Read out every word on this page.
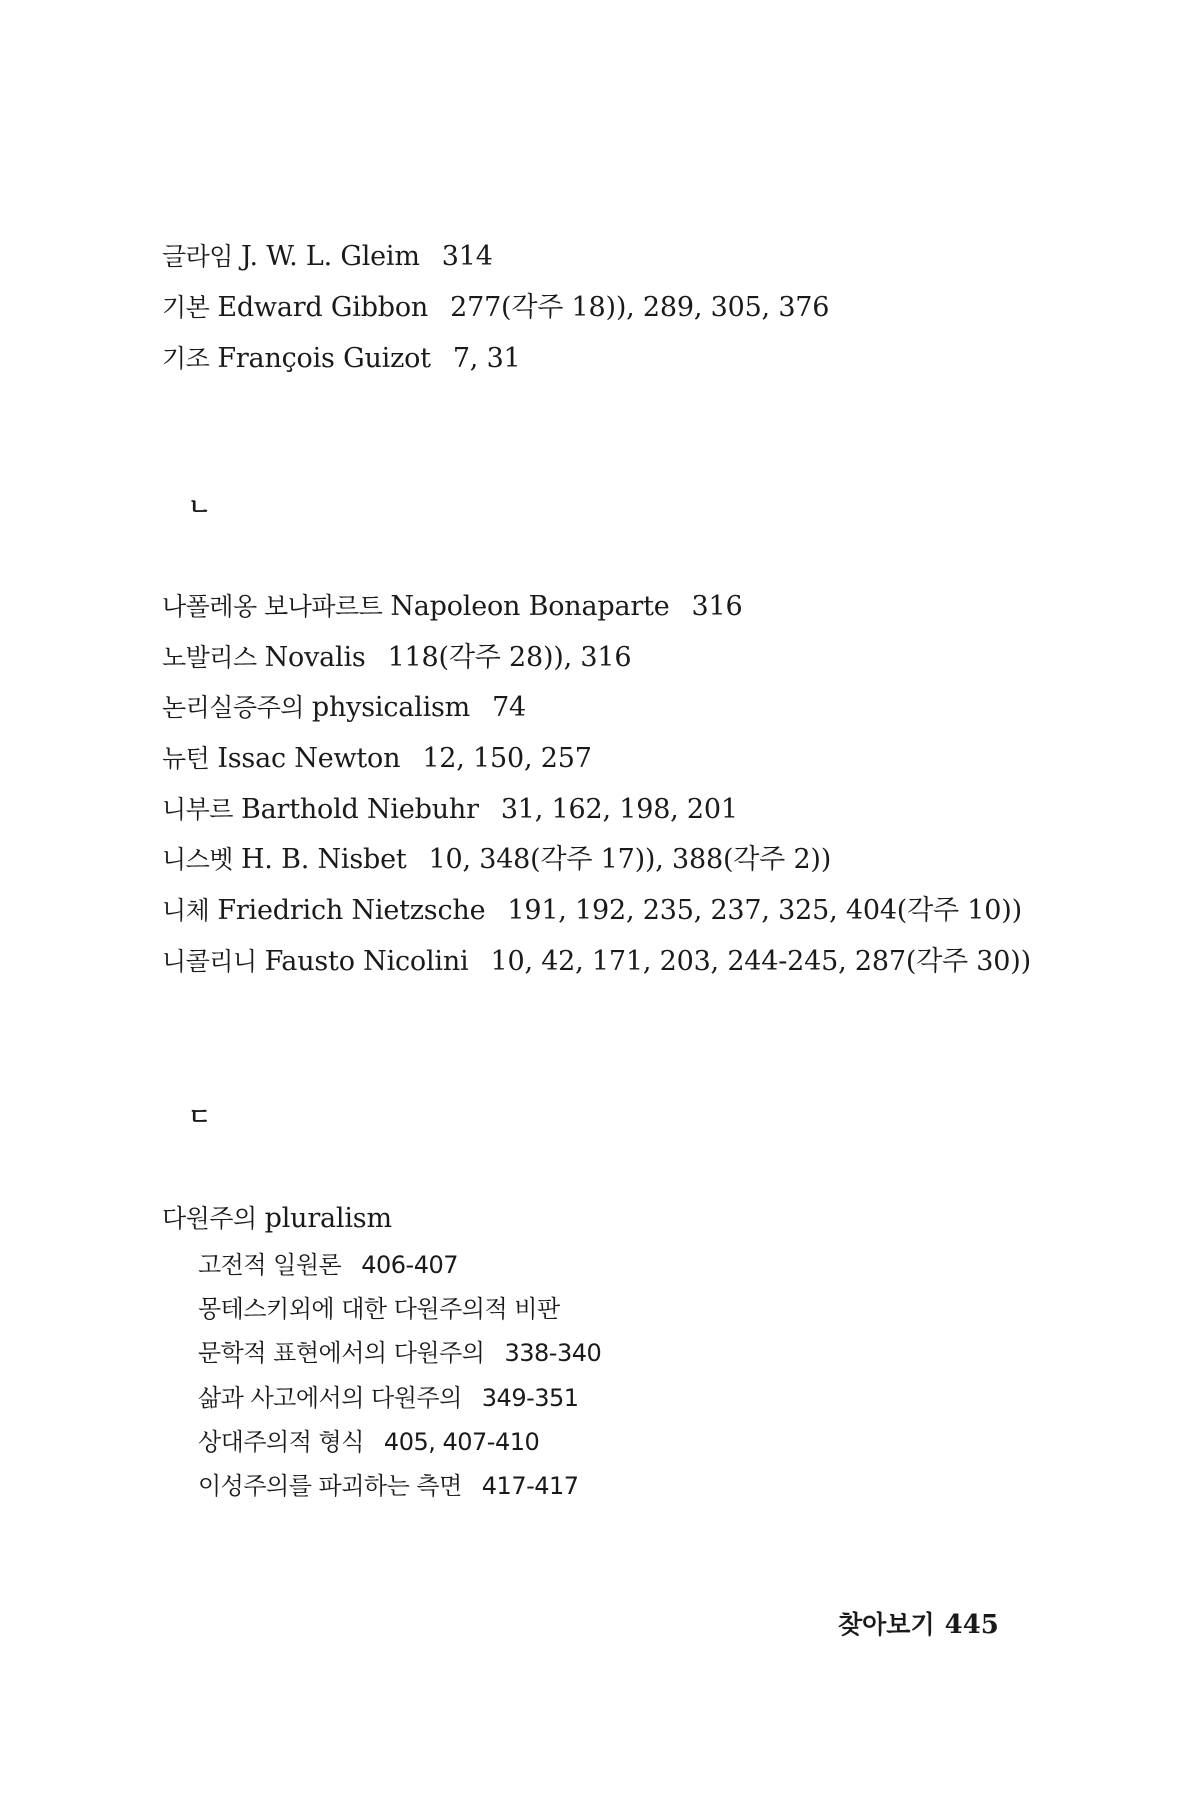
글라임 J. W. L. Gleim 314
기본 Edward Gibbon 277(각주 18)), 289, 305, 376
기조 François Guizot 7, 31
ㄴ
나폴레옹 보나파르트 Napoleon Bonaparte 316
노발리스 Novalis 118(각주 28)), 316
논리실증주의 physicalism 74
뉴턴 Issac Newton 12, 150, 257
니부르 Barthold Niebuhr 31, 162, 198, 201
니스벳 H. B. Nisbet 10, 348(각주 17)), 388(각주 2))
니체 Friedrich Nietzsche 191, 192, 235, 237, 325, 404(각주 10))
니콜리니 Fausto Nicolini 10, 42, 171, 203, 244-245, 287(각주 30))
ㄷ
다원주의 pluralism
고전적 일원론 406-407
몽테스키외에 대한 다원주의적 비판
문학적 표현에서의 다원주의 338-340
삶과 사고에서의 다원주의 349-351
상대주의적 형식 405, 407-410
이성주의를 파괴하는 측면 417-417
찾아보기 445
